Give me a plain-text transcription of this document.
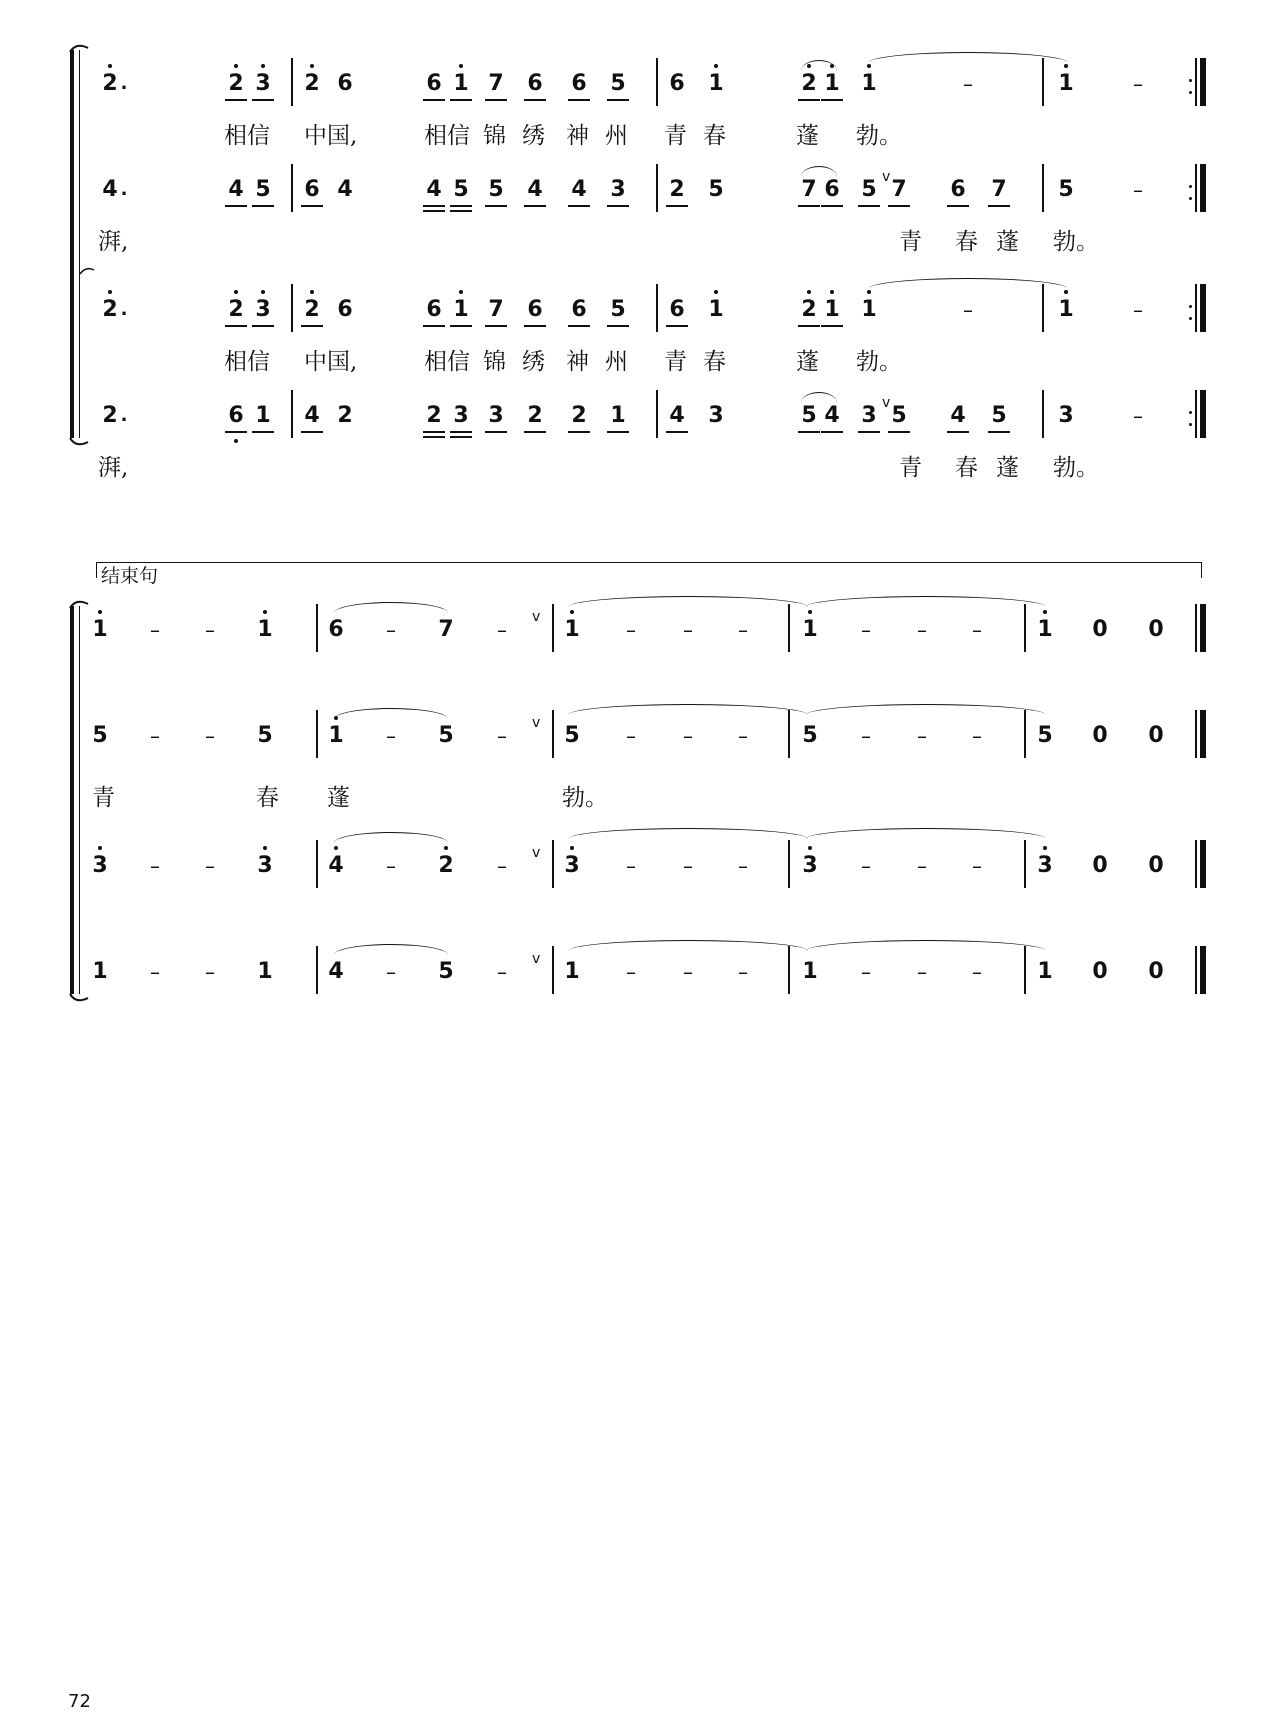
2 .	2 3 2 6	6 1 7 6 6 5 6 1	2 1 1	–	1	–
相信 中国,	相信 锦 绣 神 州 青 春	蓬 勃。
4 .	4 5 6 4	4 5 5 4 4 3 2 5	7 6 5 v 7 6 7 5	–
湃,	青 春 蓬 勃。
2 .	2 3 2 6	6 1 7 6 6 5 6 1	2 1 1	–	1	–
相信 中国,	相信 锦 绣 神 州 青 春	蓬 勃。
2 .	6 1 4 2	2 3 3 2 2 1 4 3	5 4 3 v 5 4 5 3	–
湃,	青 春 蓬 勃。
结束句
1 – – 1	6 – 7 –
v 1 – – – 1 – – –	1 0 0
5 – – 5	1 – 5 –
v 5 – – – 5 – – –	5 0 0
青	春 蓬	勃。
3 – – 3	4 – 2 –
v 3 – – – 3 – – –	3 0 0
1 – – 1	4 – 5 –
v 1 – – – 1 – – –	1 0 0
72
